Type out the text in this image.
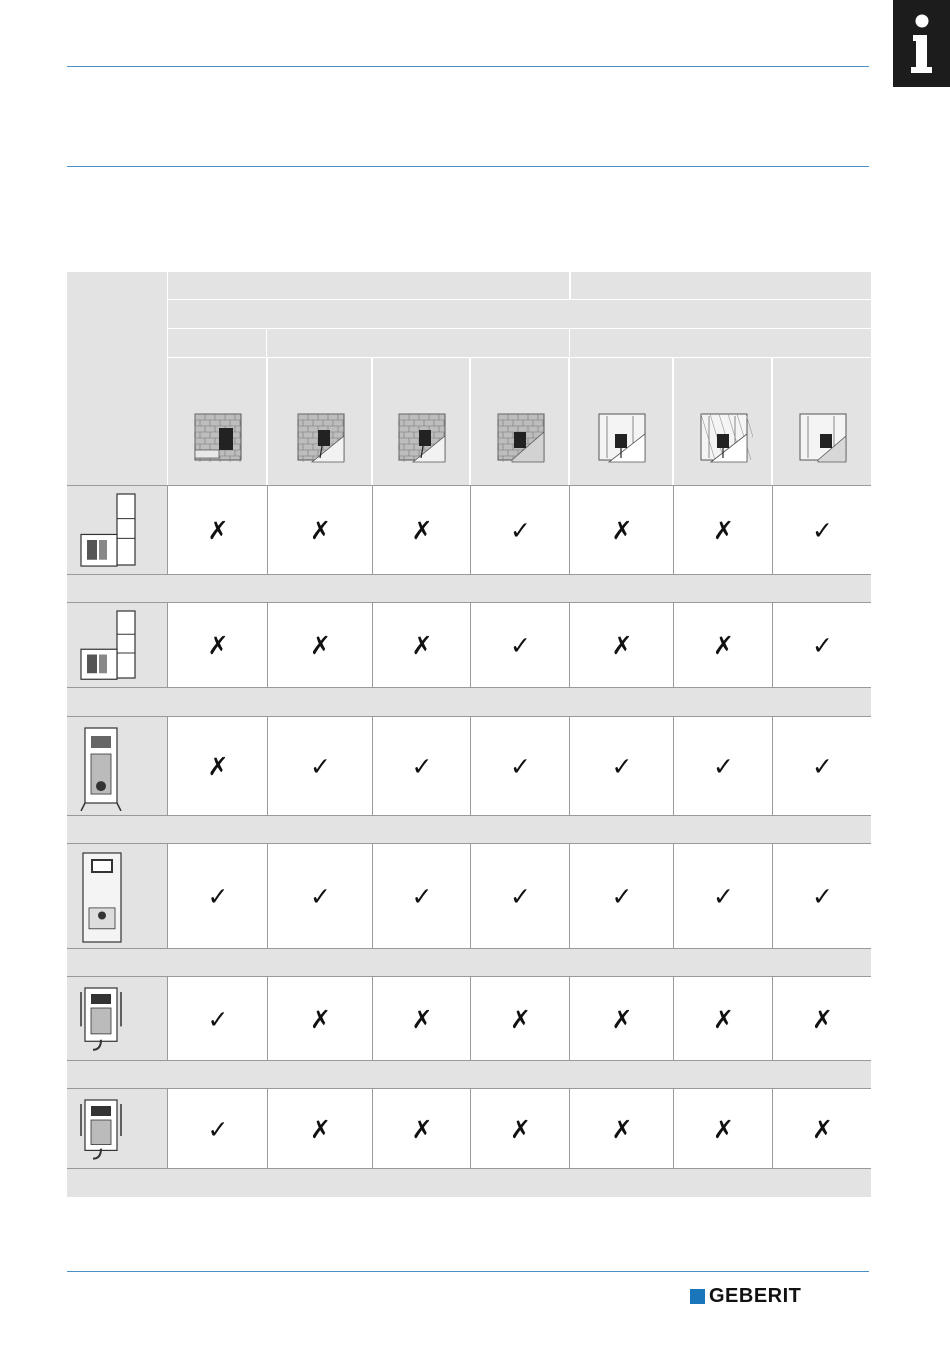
✗	✗	✗	✓	✗	✗	✓
✗	✗	✗	✓	✗	✗	✓
✗	✓	✓	✓	✓	✓	✓
✓	✓	✓	✓	✓	✓	✓
✓	✗	✗	✗	✗	✗	✗
✓	✗	✗	✗	✗	✗	✗
GEBERIT
